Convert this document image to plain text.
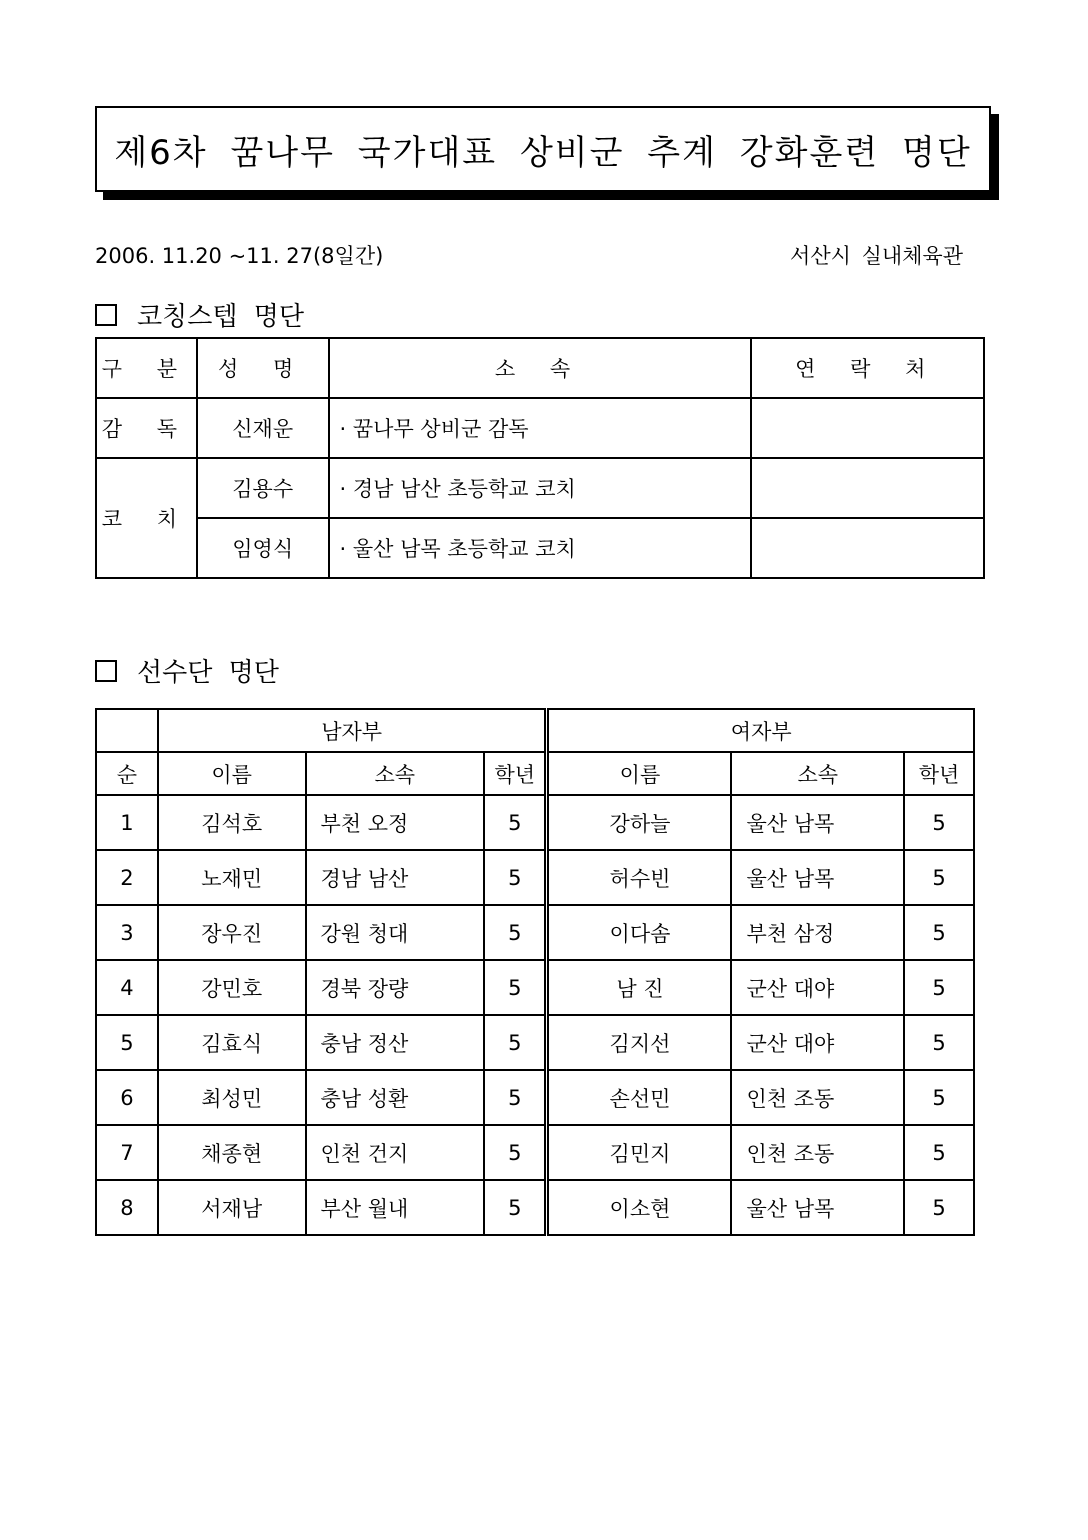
제6차 꿈나무 국가대표 상비군 추계 강화훈련 명단
2006. 11.20 ~11. 27(8일간)	서산시 실내체육관
코칭스텝 명단
구 분	성 명	소 속	연 락 처
감 독	신재운	· 꿈나무 상비군 감독	
코 치	김용수	· 경남 남산 초등학교 코치	
	임영식	· 울산 남목 초등학교 코치	
선수단 명단
	남자부			여자부		
순	이름	소속	학년	이름	소속	학년
1	김석호	부천 오정	5	강하늘	울산 남목	5
2	노재민	경남 남산	5	허수빈	울산 남목	5
3	장우진	강원 청대	5	이다솜	부천 삼정	5
4	강민호	경북 장량	5	남 진	군산 대야	5
5	김효식	충남 정산	5	김지선	군산 대야	5
6	최성민	충남 성환	5	손선민	인천 조동	5
7	채종현	인천 건지	5	김민지	인천 조동	5
8	서재남	부산 월내	5	이소현	울산 남목	5
